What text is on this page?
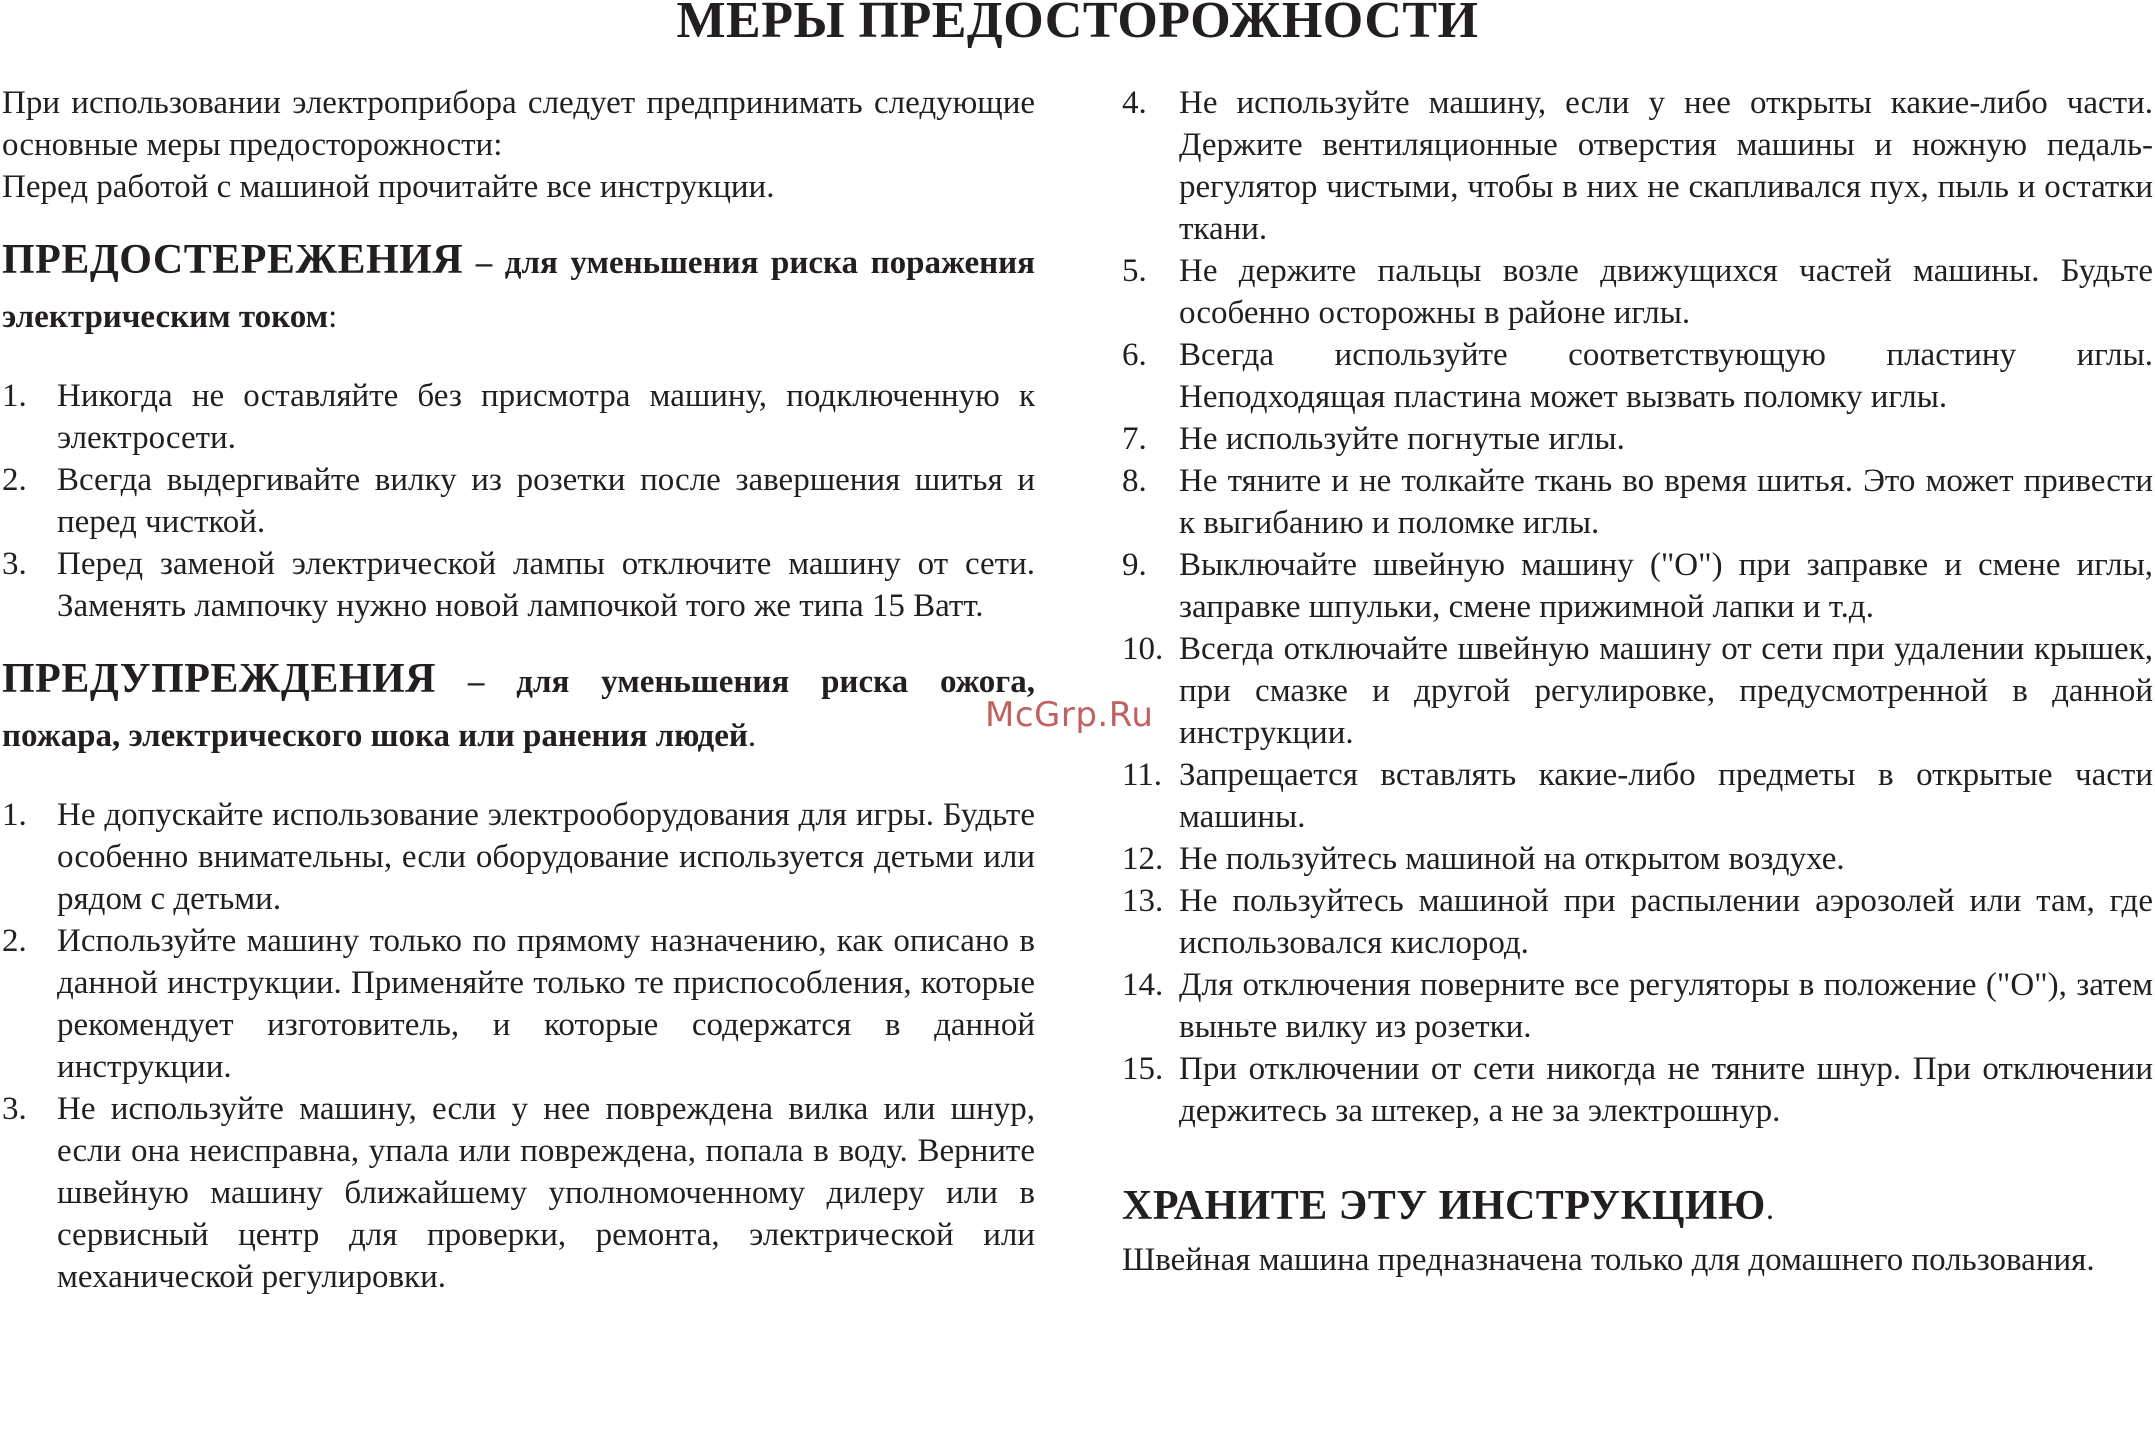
МЕРЫ ПРЕДОСТОРОЖНОСТИ

При использовании электроприбора следует предпринимать следующие основные меры предосторожности:

Перед работой с машиной прочитайте все инструкции.

ПРЕДОСТЕРЕЖЕНИЯ – для уменьшения риска поражения электрическим током:

1. Никогда не оставляйте без присмотра машину, подключенную к электросети.
2. Всегда выдергивайте вилку из розетки после завершения шитья и перед чисткой.
3. Перед заменой электрической лампы отключите машину от сети. Заменять лампочку нужно новой лампочкой того же типа 15 Ватт.

ПРЕДУПРЕЖДЕНИЯ – для уменьшения риска ожога, пожара, электрического шока или ранения людей.

1. Не допускайте использование электрооборудования для игры. Будьте особенно внимательны, если оборудование используется детьми или рядом с детьми.
2. Используйте машину только по прямому назначению, как описано в данной инструкции. Применяйте только те приспособления, которые рекомендует изготовитель, и которые содержатся в данной инструкции.
3. Не используйте машину, если у нее повреждена вилка или шнур, если она неисправна, упала или повреждена, попала в воду. Верните швейную машину ближайшему уполномоченному дилеру или в сервисный центр для проверки, ремонта, электрической или механической регулировки.
4. Не используйте машину, если у нее открыты какие-либо части. Держите вентиляционные отверстия машины и ножную педаль-регулятор чистыми, чтобы в них не скапливался пух, пыль и остатки ткани.
5. Не держите пальцы возле движущихся частей машины. Будьте особенно осторожны в районе иглы.
6. Всегда используйте соответствующую пластину иглы. Неподходящая пластина может вызвать поломку иглы.
7. Не используйте погнутые иглы.
8. Не тяните и не толкайте ткань во время шитья. Это может привести к выгибанию и поломке иглы.
9. Выключайте швейную машину ("O") при заправке и смене иглы, заправке шпульки, смене прижимной лапки и т.д.
10. Всегда отключайте швейную машину от сети при удалении крышек, при смазке и другой регулировке, предусмотренной в данной инструкции.
11. Запрещается вставлять какие-либо предметы в открытые части машины.
12. Не пользуйтесь машиной на открытом воздухе.
13. Не пользуйтесь машиной при распылении аэрозолей или там, где использовался кислород.
14. Для отключения поверните все регуляторы в положение ("O"), затем выньте вилку из розетки.
15. При отключении от сети никогда не тяните шнур. При отключении держитесь за штекер, а не за электрошнур.

ХРАНИТЕ ЭТУ ИНСТРУКЦИЮ.

Швейная машина предназначена только для домашнего пользования.

McGrp.Ru
